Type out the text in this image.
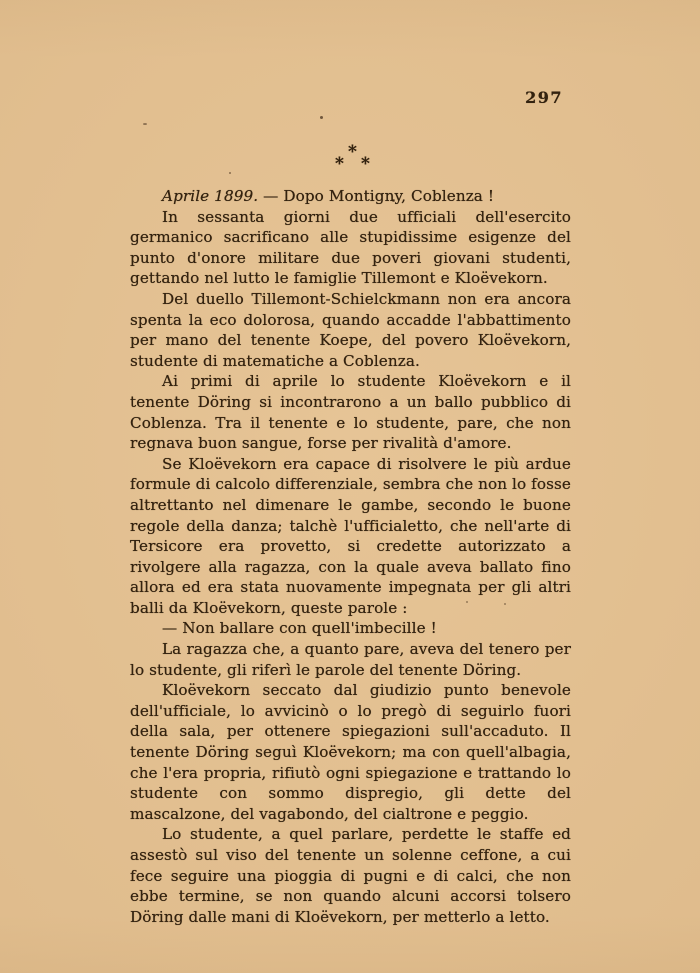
297
*
* *

Aprile 1899. — Dopo Montigny, Coblenza !

In sessanta giorni due ufficiali dell'esercito germanico sacrificano alle stupidissime esigenze del punto d'onore militare due poveri giovani studenti, gettando nel lutto le famiglie Tillemont e Kloëvekorn.

Del duello Tillemont-Schielckmann non era ancora spenta la eco dolorosa, quando accadde l'abbattimento per mano del tenente Koepe, del povero Kloëvekorn, studente di matematiche a Coblenza.

Ai primi di aprile lo studente Kloëvekorn e il tenente Döring si incontrarono a un ballo pubblico di Coblenza. Tra il tenente e lo studente, pare, che non regnava buon sangue, forse per rivalità d'amore.

Se Kloëvekorn era capace di risolvere le più ardue formule di calcolo differenziale, sembra che non lo fosse altrettanto nel dimenare le gambe, secondo le buone regole della danza; talchè l'ufficialetto, che nell'arte di Tersicore era provetto, si credette autorizzato a rivolgere alla ragazza, con la quale aveva ballato fino allora ed era stata nuovamente impegnata per gli altri balli da Kloëvekorn, queste parole :

— Non ballare con quell'imbecille !

La ragazza che, a quanto pare, aveva del tenero per lo studente, gli riferì le parole del tenente Döring.

Kloëvekorn seccato dal giudizio punto benevole dell'ufficiale, lo avvicinò o lo pregò di seguirlo fuori della sala, per ottenere spiegazioni sull'accaduto. Il tenente Döring seguì Kloëvekorn; ma con quell'albagia, che l'era propria, rifiutò ogni spiegazione e trattando lo studente con sommo dispregio, gli dette del mascalzone, del vagabondo, del cialtrone e peggio.

Lo studente, a quel parlare, perdette le staffe ed assestò sul viso del tenente un solenne ceffone, a cui fece seguire una pioggia di pugni e di calci, che non ebbe termine, se non quando alcuni accorsi tolsero Döring dalle mani di Kloëvekorn, per metterlo a letto.
